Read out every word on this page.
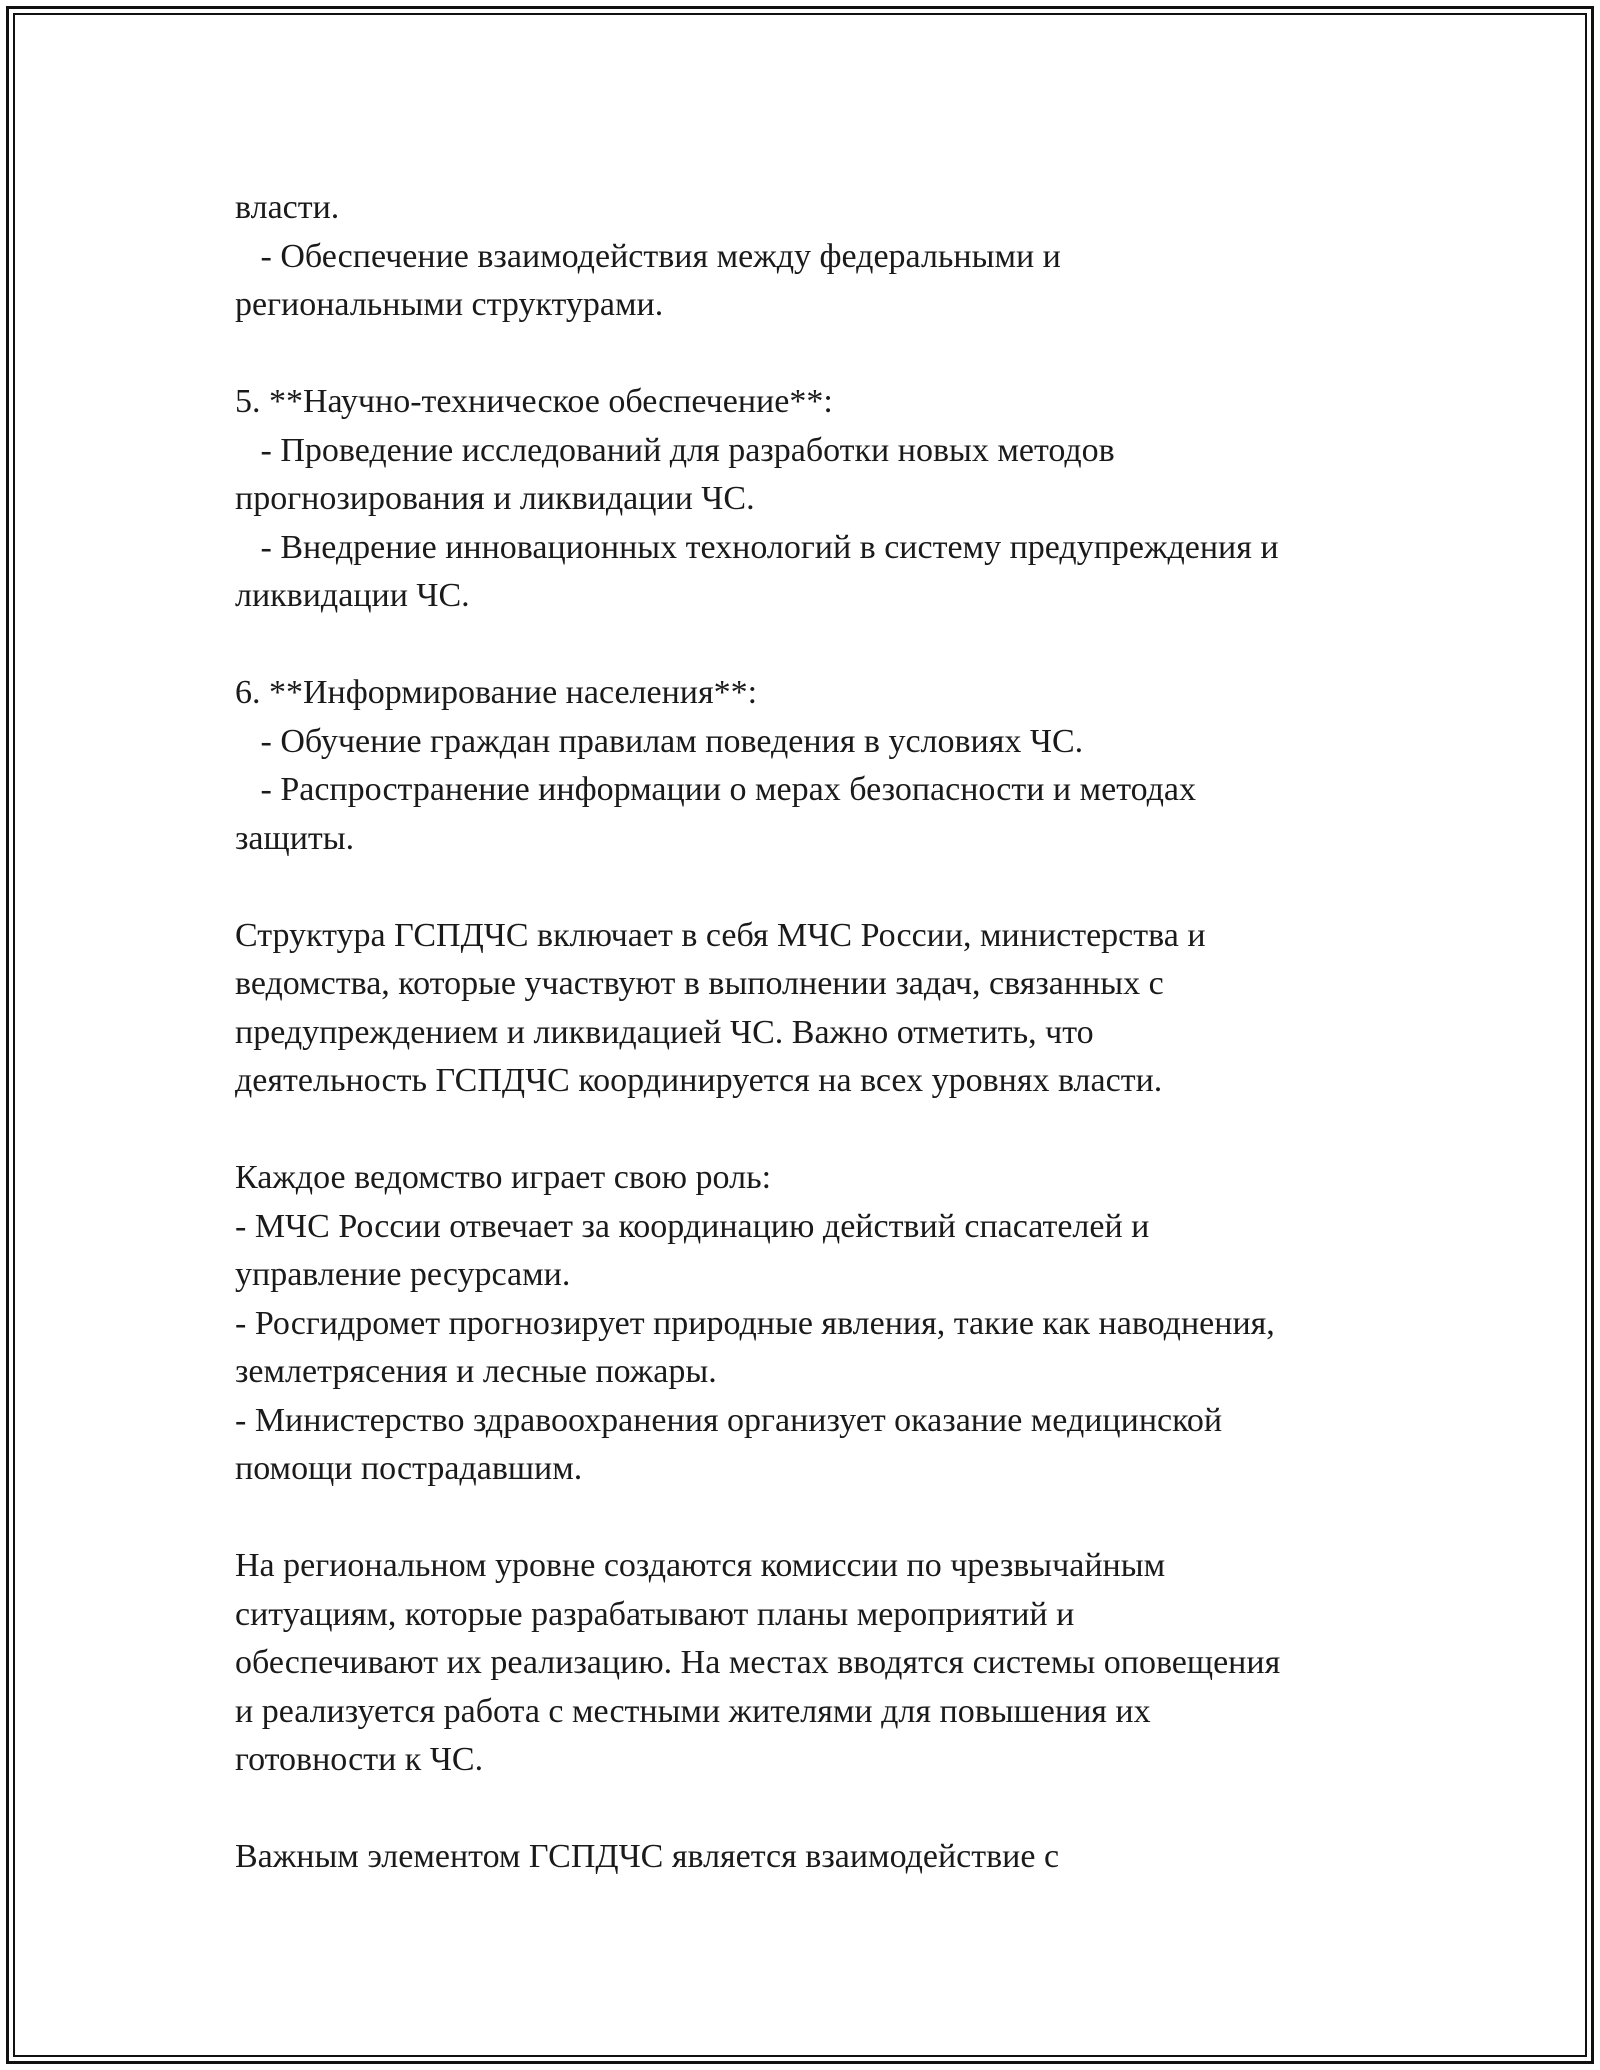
власти.
- Обеспечение взаимодействия между федеральными и
региональными структурами.
5. **Научно-техническое обеспечение**:
- Проведение исследований для разработки новых методов
прогнозирования и ликвидации ЧС.
- Внедрение инновационных технологий в систему предупреждения и
ликвидации ЧС.
6. **Информирование населения**:
- Обучение граждан правилам поведения в условиях ЧС.
- Распространение информации о мерах безопасности и методах
защиты.
Структура ГСПДЧС включает в себя МЧС России, министерства и
ведомства, которые участвуют в выполнении задач, связанных с
предупреждением и ликвидацией ЧС. Важно отметить, что
деятельность ГСПДЧС координируется на всех уровнях власти.
Каждое ведомство играет свою роль:
- МЧС России отвечает за координацию действий спасателей и
управление ресурсами.
- Росгидромет прогнозирует природные явления, такие как наводнения,
землетрясения и лесные пожары.
- Министерство здравоохранения организует оказание медицинской
помощи пострадавшим.
На региональном уровне создаются комиссии по чрезвычайным
ситуациям, которые разрабатывают планы мероприятий и
обеспечивают их реализацию. На местах вводятся системы оповещения
и реализуется работа с местными жителями для повышения их
готовности к ЧС.
Важным элементом ГСПДЧС является взаимодействие с
